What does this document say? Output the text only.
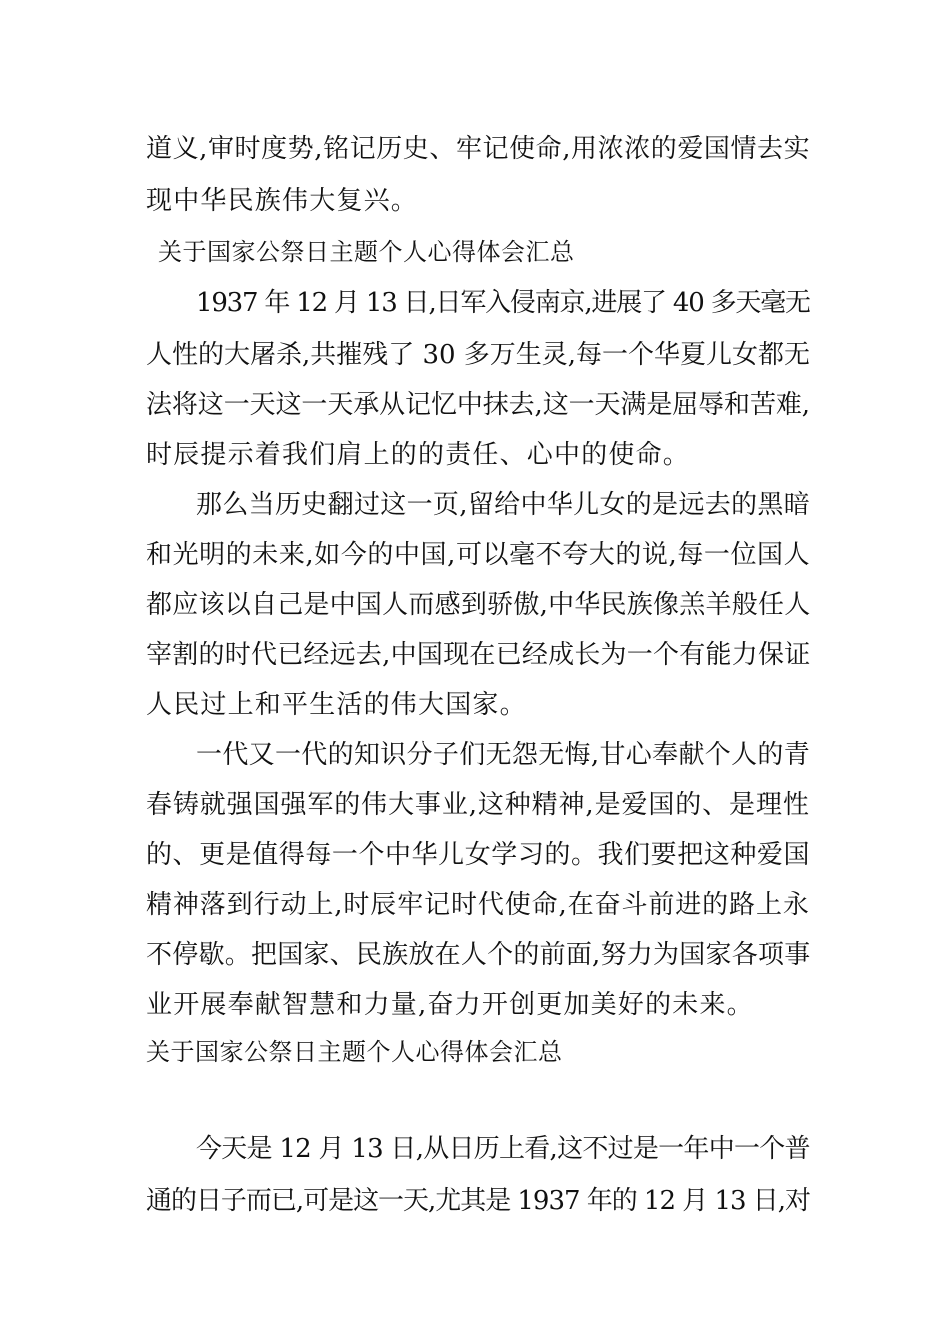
道义,审时度势,铭记历史、牢记使命,用浓浓的爱国情去实
现中华民族伟大复兴。
关于国家公祭日主题个人心得体会汇总
1937 年 12 月 13 日,日军入侵南京,进展了 40 多天毫无
人性的大屠杀,共摧残了 30 多万生灵,每一个华夏儿女都无
法将这一天这一天承从记忆中抹去,这一天满是屈辱和苦难,
时辰提示着我们肩上的的责任、心中的使命。
那么当历史翻过这一页,留给中华儿女的是远去的黑暗
和光明的未来,如今的中国,可以毫不夸大的说,每一位国人
都应该以自己是中国人而感到骄傲,中华民族像羔羊般任人
宰割的时代已经远去,中国现在已经成长为一个有能力保证
人民过上和平生活的伟大国家。
一代又一代的知识分子们无怨无悔,甘心奉献个人的青
春铸就强国强军的伟大事业,这种精神,是爱国的、是理性
的、更是值得每一个中华儿女学习的。我们要把这种爱国
精神落到行动上,时辰牢记时代使命,在奋斗前进的路上永
不停歇。把国家、民族放在人个的前面,努力为国家各项事
业开展奉献智慧和力量,奋力开创更加美好的未来。
关于国家公祭日主题个人心得体会汇总
今天是 12 月 13 日,从日历上看,这不过是一年中一个普
通的日子而已,可是这一天,尤其是 1937 年的 12 月 13 日,对
